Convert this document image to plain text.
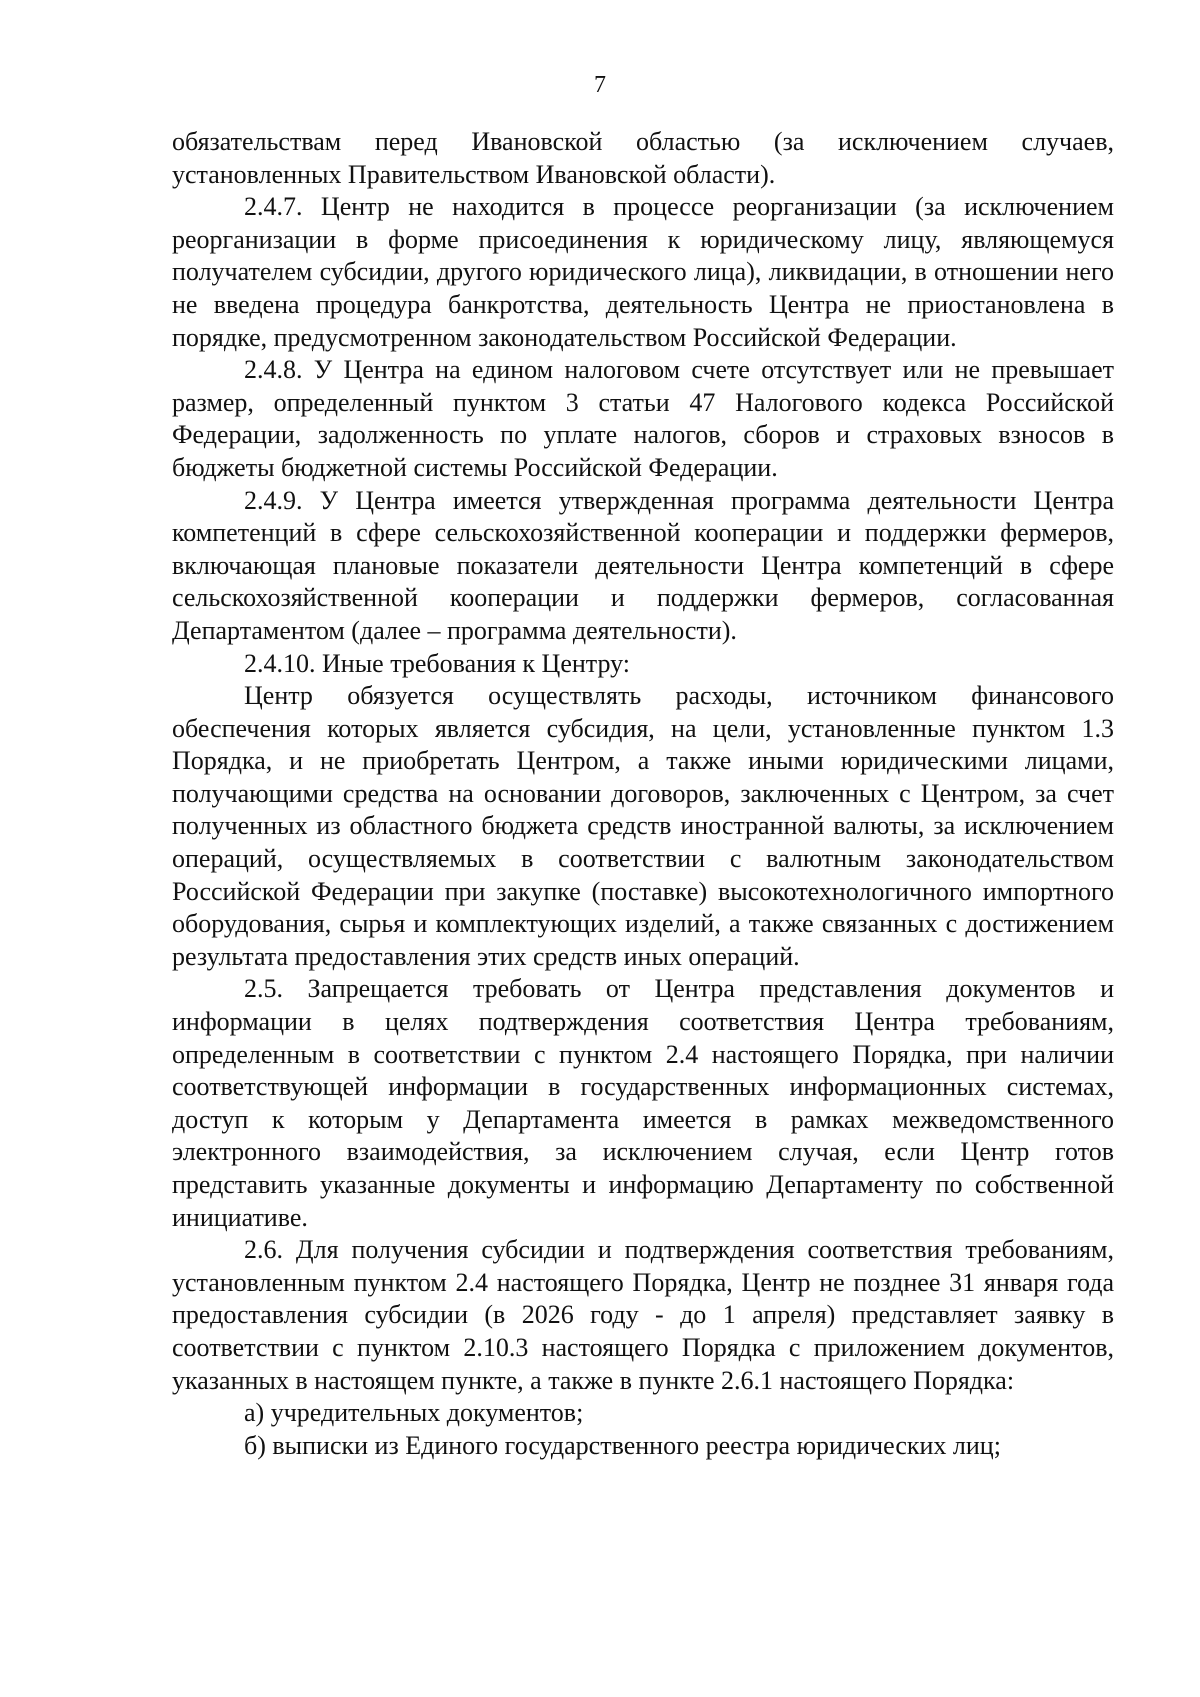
7

обязательствам перед Ивановской областью (за исключением случаев, установленных Правительством Ивановской области).

2.4.7. Центр не находится в процессе реорганизации (за исключением реорганизации в форме присоединения к юридическому лицу, являющемуся получателем субсидии, другого юридического лица), ликвидации, в отношении него не введена процедура банкротства, деятельность Центра не приостановлена в порядке, предусмотренном законодательством Российской Федерации.

2.4.8. У Центра на едином налоговом счете отсутствует или не превышает размер, определенный пунктом 3 статьи 47 Налогового кодекса Российской Федерации, задолженность по уплате налогов, сборов и страховых взносов в бюджеты бюджетной системы Российской Федерации.

2.4.9. У Центра имеется утвержденная программа деятельности Центра компетенций в сфере сельскохозяйственной кооперации и поддержки фермеров, включающая плановые показатели деятельности Центра компетенций в сфере сельскохозяйственной кооперации и поддержки фермеров, согласованная Департаментом (далее – программа деятельности).

2.4.10. Иные требования к Центру:

Центр обязуется осуществлять расходы, источником финансового обеспечения которых является субсидия, на цели, установленные пунктом 1.3 Порядка, и не приобретать Центром, а также иными юридическими лицами, получающими средства на основании договоров, заключенных с Центром, за счет полученных из областного бюджета средств иностранной валюты, за исключением операций, осуществляемых в соответствии с валютным законодательством Российской Федерации при закупке (поставке) высокотехнологичного импортного оборудования, сырья и комплектующих изделий, а также связанных с достижением результата предоставления этих средств иных операций.

2.5. Запрещается требовать от Центра представления документов и информации в целях подтверждения соответствия Центра требованиям, определенным в соответствии с пунктом 2.4 настоящего Порядка, при наличии соответствующей информации в государственных информационных системах, доступ к которым у Департамента имеется в рамках межведомственного электронного взаимодействия, за исключением случая, если Центр готов представить указанные документы и информацию Департаменту по собственной инициативе.

2.6. Для получения субсидии и подтверждения соответствия требованиям, установленным пунктом 2.4 настоящего Порядка, Центр не позднее 31 января года предоставления субсидии (в 2026 году - до 1 апреля) представляет заявку в соответствии с пунктом 2.10.3 настоящего Порядка с приложением документов, указанных в настоящем пункте, а также в пункте 2.6.1 настоящего Порядка:

а) учредительных документов;

б) выписки из Единого государственного реестра юридических лиц;
